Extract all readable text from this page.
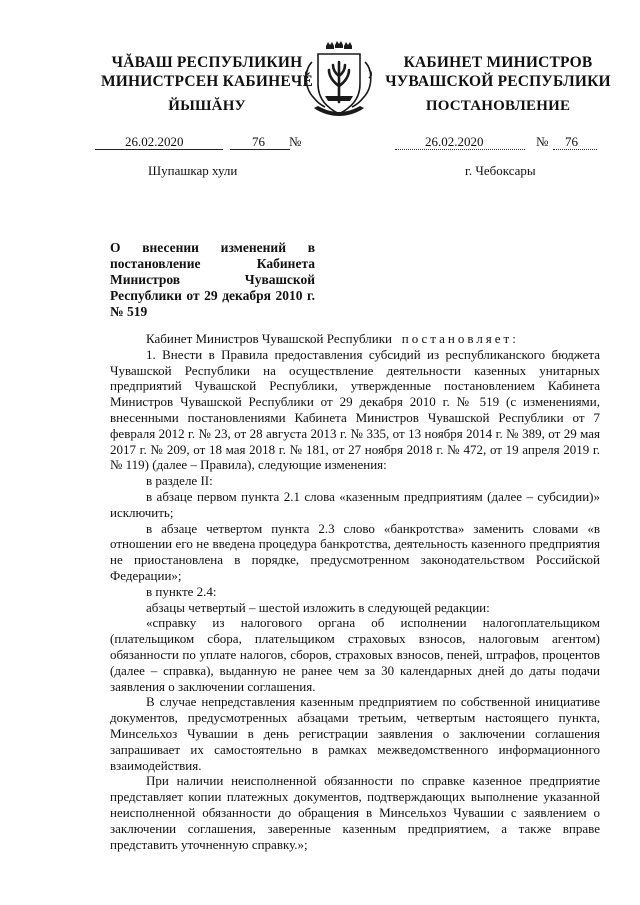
ЧĂВАШ РЕСПУБЛИКИН
МИНИСТРСЕН КАБИНЕЧĚ
ЙЫШĂНУ
КАБИНЕТ МИНИСТРОВ
ЧУВАШСКОЙ РЕСПУБЛИКИ
ПОСТАНОВЛЕНИЕ
26.02.2020	76 №	26.02.2020	№ 76
Шупашкар хули	г. Чебоксары
О внесении изменений в постановление Кабинета Министров Чувашской Республики от 29 декабря 2010 г. № 519

Кабинет Министров Чувашской Республики постановляет:

1. Внести в Правила предоставления субсидий из республиканского бюджета Чувашской Республики на осуществление деятельности казенных унитарных предприятий Чувашской Республики, утвержденные постановлением Кабинета Министров Чувашской Республики от 29 декабря 2010 г. № 519 (с изменениями, внесенными постановлениями Кабинета Министров Чувашской Республики от 7 февраля 2012 г. № 23, от 28 августа 2013 г. № 335, от 13 ноября 2014 г. № 389, от 29 мая 2017 г. № 209, от 18 мая 2018 г. № 181, от 27 ноября 2018 г. № 472, от 19 апреля 2019 г. № 119) (далее – Правила), следующие изменения:

в разделе II:

в абзаце первом пункта 2.1 слова «казенным предприятиям (далее – субсидии)» исключить;

в абзаце четвертом пункта 2.3 слово «банкротства» заменить словами «в отношении его не введена процедура банкротства, деятельность казенного предприятия не приостановлена в порядке, предусмотренном законодательством Российской Федерации»;

в пункте 2.4:

абзацы четвертый – шестой изложить в следующей редакции:

«справку из налогового органа об исполнении налогоплательщиком (плательщиком сбора, плательщиком страховых взносов, налоговым агентом) обязанности по уплате налогов, сборов, страховых взносов, пеней, штрафов, процентов (далее – справка), выданную не ранее чем за 30 календарных дней до даты подачи заявления о заключении соглашения.

В случае непредставления казенным предприятием по собственной инициативе документов, предусмотренных абзацами третьим, четвертым настоящего пункта, Минсельхоз Чувашии в день регистрации заявления о заключении соглашения запрашивает их самостоятельно в рамках межведомственного информационного взаимодействия.

При наличии неисполненной обязанности по справке казенное предприятие представляет копии платежных документов, подтверждающих выполнение указанной неисполненной обязанности до обращения в Минсельхоз Чувашии с заявлением о заключении соглашения, заверенные казенным предприятием, а также вправе представить уточненную справку.»;
